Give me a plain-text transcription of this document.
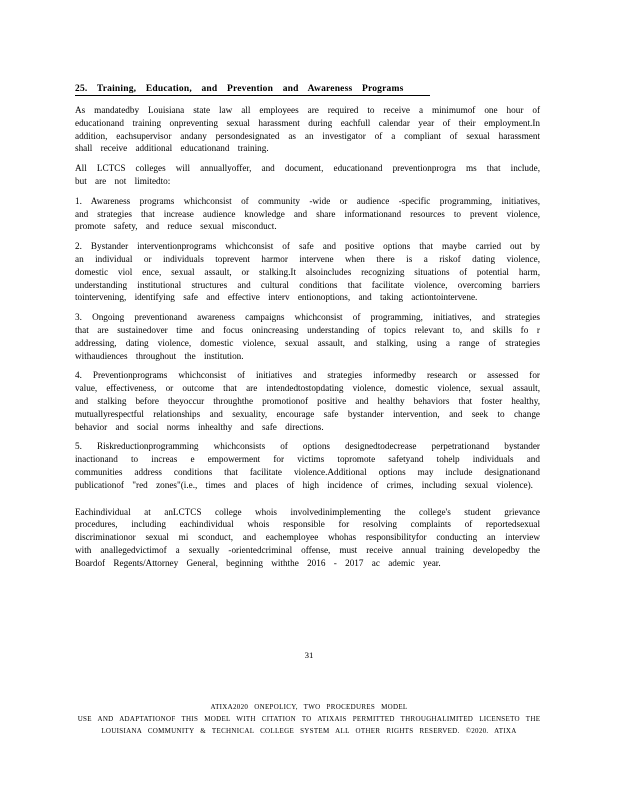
25. Training, Education, and Prevention and Awareness Programs

As mandatedby Louisiana state law all employees are required to receive a minimumof one hour of educationand training onpreventing sexual harassment during eachfull calendar year of their employment.In addition, eachsupervisor andany persondesignated as an investigator of a compliant of sexual harassment shall receive additional educationand training.

All LCTCS colleges will annuallyoffer, and document, educationand preventionprogra ms that include, but are not limitedto:

1. Awareness programs whichconsist of community -wide or audience -specific programming, initiatives, and strategies that increase audience knowledge and share informationand resources to prevent violence, promote safety, and reduce sexual misconduct.

2. Bystander interventionprograms whichconsist of safe and positive options that maybe carried out by an individual or individuals toprevent harmor intervene when there is a riskof dating violence, domestic viol ence, sexual assault, or stalking.It alsoincludes recognizing situations of potential harm, understanding institutional structures and cultural conditions that facilitate violence, overcoming barriers tointervening, identifying safe and effective interv entionoptions, and taking actiontointervene.

3. Ongoing preventionand awareness campaigns whichconsist of programming, initiatives, and strategies that are sustainedover time and focus onincreasing understanding of topics relevant to, and skills fo r addressing, dating violence, domestic violence, sexual assault, and stalking, using a range of strategies withaudiences throughout the institution.

4. Preventionprograms whichconsist of initiatives and strategies informedby research or assessed for value, effectiveness, or outcome that are intendedtostopdating violence, domestic violence, sexual assault, and stalking before theyoccur throughthe promotionof positive and healthy behaviors that foster healthy, mutuallyrespectful relationships and sexuality, encourage safe bystander intervention, and seek to change behavior and social norms inhealthy and safe directions.

5. Riskreductionprogramming whichconsists of options designedtodecrease perpetrationand bystander inactionand to increas e empowerment for victims topromote safetyand tohelp individuals and communities address conditions that facilitate violence.Additional options may include designationand publicationof "red zones"(i.e., times and places of high incidence of crimes, including sexual violence).

Eachindividual at anLCTCS college whois involvedinimplementing the college's student grievance procedures, including eachindividual whois responsible for resolving complaints of reportedsexual discriminationor sexual mi sconduct, and eachemployee whohas responsibilityfor conducting an interview with anallegedvictimof a sexually -orientedcriminal offense, must receive annual training developedby the Boardof Regents/Attorney General, beginning withthe 2016 - 2017 ac ademic year.

31
ATIXA2020 ONEPOLICY, TWO PROCEDURES MODEL
USE AND ADAPTATIONOF THIS MODEL WITH CITATION TO ATIXAIS PERMITTED THROUGHALIMITED LICENSETO THE
LOUISIANA COMMUNITY & TECHNICAL COLLEGE SYSTEM ALL OTHER RIGHTS RESERVED. ©2020. ATIXA
